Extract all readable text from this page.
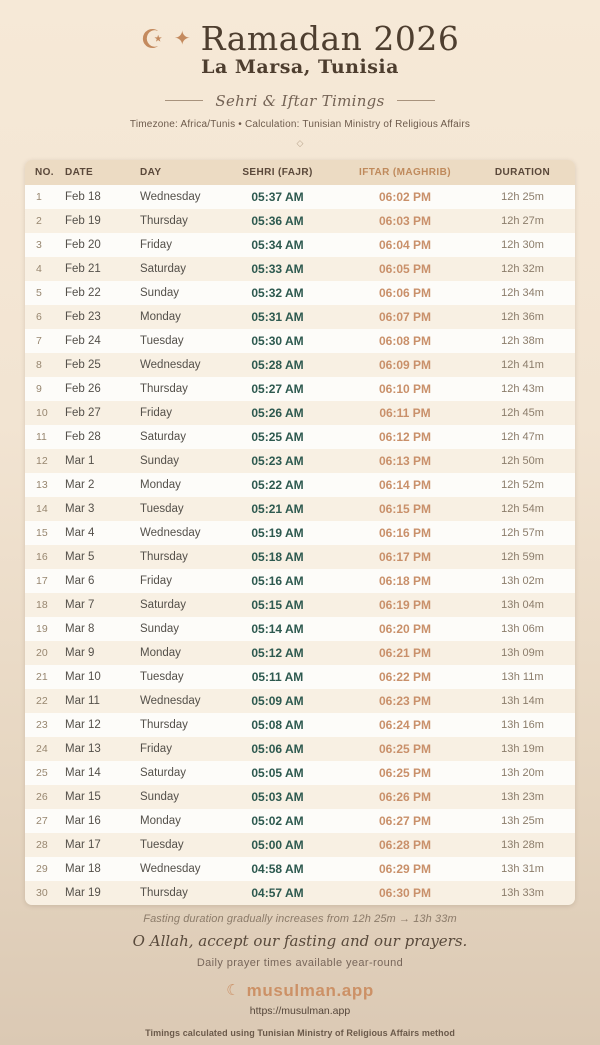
☪ ✦ Ramadan 2026
La Marsa, Tunisia
Sehri & Iftar Timings

Timezone: Africa/Tunis • Calculation: Tunisian Ministry of Religious Affairs

◇
NO.	DATE	DAY	SEHRI (FAJR)	IFTAR (MAGHRIB)	DURATION
1	Feb 18	Wednesday	05:37 AM	06:02 PM	12h 25m
2	Feb 19	Thursday	05:36 AM	06:03 PM	12h 27m
3	Feb 20	Friday	05:34 AM	06:04 PM	12h 30m
4	Feb 21	Saturday	05:33 AM	06:05 PM	12h 32m
5	Feb 22	Sunday	05:32 AM	06:06 PM	12h 34m
6	Feb 23	Monday	05:31 AM	06:07 PM	12h 36m
7	Feb 24	Tuesday	05:30 AM	06:08 PM	12h 38m
8	Feb 25	Wednesday	05:28 AM	06:09 PM	12h 41m
9	Feb 26	Thursday	05:27 AM	06:10 PM	12h 43m
10	Feb 27	Friday	05:26 AM	06:11 PM	12h 45m
11	Feb 28	Saturday	05:25 AM	06:12 PM	12h 47m
12	Mar 1	Sunday	05:23 AM	06:13 PM	12h 50m
13	Mar 2	Monday	05:22 AM	06:14 PM	12h 52m
14	Mar 3	Tuesday	05:21 AM	06:15 PM	12h 54m
15	Mar 4	Wednesday	05:19 AM	06:16 PM	12h 57m
16	Mar 5	Thursday	05:18 AM	06:17 PM	12h 59m
17	Mar 6	Friday	05:16 AM	06:18 PM	13h 02m
18	Mar 7	Saturday	05:15 AM	06:19 PM	13h 04m
19	Mar 8	Sunday	05:14 AM	06:20 PM	13h 06m
20	Mar 9	Monday	05:12 AM	06:21 PM	13h 09m
21	Mar 10	Tuesday	05:11 AM	06:22 PM	13h 11m
22	Mar 11	Wednesday	05:09 AM	06:23 PM	13h 14m
23	Mar 12	Thursday	05:08 AM	06:24 PM	13h 16m
24	Mar 13	Friday	05:06 AM	06:25 PM	13h 19m
25	Mar 14	Saturday	05:05 AM	06:25 PM	13h 20m
26	Mar 15	Sunday	05:03 AM	06:26 PM	13h 23m
27	Mar 16	Monday	05:02 AM	06:27 PM	13h 25m
28	Mar 17	Tuesday	05:00 AM	06:28 PM	13h 28m
29	Mar 18	Wednesday	04:58 AM	06:29 PM	13h 31m
30	Mar 19	Thursday	04:57 AM	06:30 PM	13h 33m
Fasting duration gradually increases from 12h 25m → 13h 33m
O Allah, accept our fasting and our prayers.
Daily prayer times available year-round
☾ musulman.app
https://musulman.app
Timings calculated using Tunisian Ministry of Religious Affairs method
